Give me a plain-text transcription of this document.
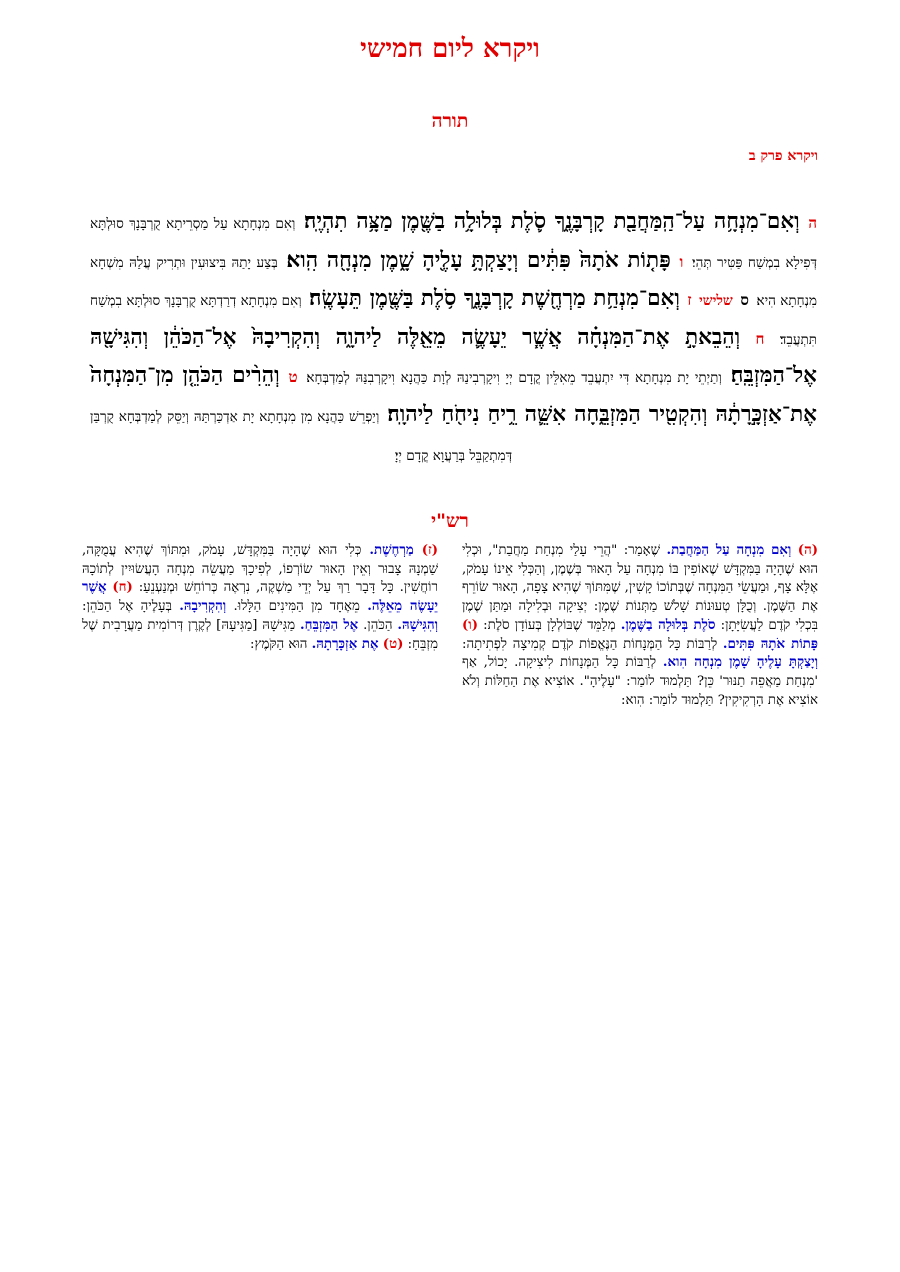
ויקרא ליום חמישי
תורה
ויקרא פרק ב
ה וְאִם־מִנְחָ֥ה עַל־הַֽמַּחֲבַ֖ת קָרְבָּנֶ֑ךָ סֹ֛לֶת בְּלוּלָ֥ה בַשֶּׁ֖מֶן מַצָּ֥ה תִהְיֶֽה׃ וְאִם מִנְחָתָא עַל מַסְרֵיתָא קֻרְבָּנָךְ סוּלְתָּא דְּפִילָא בִמְשַׁח פַּטִּיר תְּהֵי׃ ו פָּת֤וֹת אֹתָהּ֙ פִּתִּ֔ים וְיָצַקְתָּ֥ עָלֶ֖יהָ שָׁ֑מֶן מִנְחָ֖ה הִֽוא׃ בְּצַע יָתַהּ בִּיצוּעִין וּתְרִיק עֲלַהּ מִשְׁחָא מִנְחָתָא הִיא׃ ס שלישי ז וְאִם־מִנְחַ֥ת מַרְחֶ֖שֶׁת קָרְבָּנֶ֑ךָ סֹ֥לֶת בַּשֶּׁ֖מֶן תֵּעָשֶֽׂה׃ וְאִם מִנְחָתָא דְרַדְתָּא קֻרְבָּנָךְ סוּלְתָּא בִמְשַׁח תִּתְעֲבֵד׃ ח וְהֵבֵאתָ֣ אֶת־הַמִּנְחָ֗ה אֲשֶׁ֧ר יֵעָשֶׂ֛ה מֵאֵ֖לֶּה לַיהוָ֑ה וְהִקְרִיבָהּ֙ אֶל־הַכֹּהֵ֔ן וְהִגִּישָׁ֖הּ אֶל־הַמִּזְבֵּֽחַ׃ וְתַיְתֵי יָת מִנְחָתָא דִּי יִתְעֲבֵד מֵאִלֵּין קֳדָם יְיָ וִיקָרְבִינַהּ לְוָת כַּהֲנָא וִיקָרְבִנַּהּ לְמַדְבְּחָא׃ ט וְהֵרִ֨ים הַכֹּהֵ֤ן מִן־הַמִּנְחָה֙ אֶת־אַזְכָּ֣רָתָ֔הּ וְהִקְטִ֖יר הַמִּזְבֵּ֑חָה אִשֵּׁ֛ה רֵ֥יחַ נִיחֹ֖חַ לַיהוָֽה׃ וְיַפְרֵשׁ כַּהֲנָא מִן מִנְחָתָא יָת אַדְכַּרְתַּהּ וְיַסֵּק לְמַדְבְּחָא קֻרְבַּן דְּמִתְקַבֵּל בְּרַעֲוָא קֳדָם יְיָ׃
רש"י
(ה) וְאִם מִנְחָה עַל הַמַּחֲבַת. שֶׁאָמַר: "הֲרֵי עָלַי מִנְחַת מַחֲבַת", וּכְלִי הוּא שֶׁהָיָה בַּמִּקְדָּשׁ שֶׁאוֹפִין בּוֹ מִנְחָה עַל הָאוּר בְּשֶׁמֶן, וְהַכְּלִי אֵינוֹ עָמֹק, אֶלָּא צָף, וּמַעֲשֵׂי הַמִּנְחָה שֶׁבְּתוֹכוֹ קָשִׁין, שֶׁמִּתּוֹךְ שֶׁהִיא צָפָה, הָאוּר שׂוֹרֵף אֶת הַשֶּׁמֶן. וְכֻלָּן טְעוּנוֹת שָׁלֹשׁ מַתְּנוֹת שֶׁמֶן: יְצִיקָה וּבְלִילָה וּמַתַּן שֶׁמֶן בִּכְלִי קֹדֶם לַעֲשִׂיָּתָן: סֹלֶת בְּלוּלָה בַשֶּׁמֶן. מְלַמֵּד שֶׁבּוֹלְלָן בְּעוֹדָן סֹלֶת: (ו) פָּתוֹת אֹתָהּ פִּתִּים. לְרַבּוֹת כָּל הַמְּנָחוֹת הַנֶּאֱפוֹת קֹדֶם קְמִיצָה לִפְתִיתָה: וְיָצַקְתָּ עָלֶיהָ שָׁמֶן מִנְחָה הִוא. לְרַבּוֹת כָּל הַמְּנָחוֹת לִיצִיקָה. יָכוֹל, אַף 'מִנְחַת מַאֲפֵה תַנּוּר' כֵּן? תַּלְמוּד לוֹמַר: "עָלֶיהָ". אוֹצִיא אֶת הַחַלּוֹת וְלֹא אוֹצִיא אֶת הָרְקִיקִין? תַּלְמוּד לוֹמַר: הִוא:
(ז) מַרְחֶשֶׁת. כְּלִי הוּא שֶׁהָיָה בַּמִּקְדָּשׁ, עָמֹק, וּמִתּוֹךְ שֶׁהִיא עֲמֻקָּה, שַׁמְנָהּ צָבוּר וְאֵין הָאוּר שׂוֹרְפוֹ, לְפִיכָךְ מַעֲשֵׂה מִנְחָה הָעֲשׂוּיִין לְתוֹכָהּ רוֹחֲשִׁין. כָּל דָּבָר רַךְ עַל יְדֵי מַשְׁקֶה, נִרְאֶה כְּרוֹחֵשׁ וּמְנַעְנֵעַ: (ח) אֲשֶׁר יֵעָשֶׂה מֵאֵלֶּה. מֵאֶחָד מִן הַמִּינִים הַלָּלוּ. וְהִקְרִיבָהּ. בְּעָלֶיהָ אֶל הַכֹּהֵן: וְהִגִּישָׁהּ. הַכֹּהֵן. אֶל הַמִּזְבֵּחַ. מַגִּישָׁהּ [מַגִּיעָהּ] לְקֶרֶן דְּרוֹמִית מַעֲרָבִית שֶׁל מִזְבֵּחַ: (ט) אֶת אַזְכָּרָתָהּ. הוּא הַקֹּמֶץ:
